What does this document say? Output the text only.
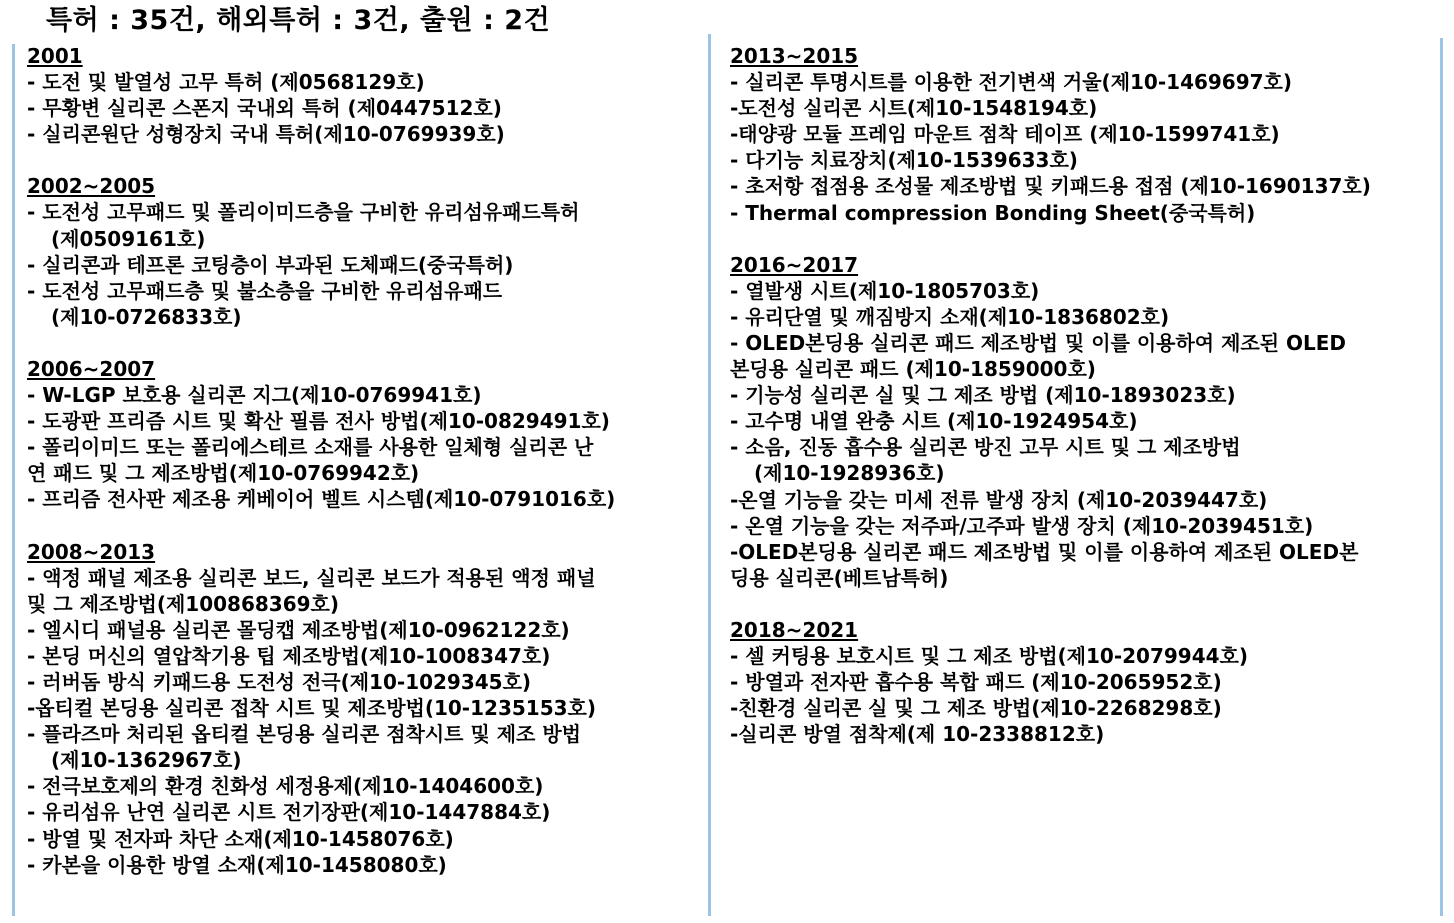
특허 : 35건, 해외특허 : 3건, 출원 : 2건
2001
- 도전 및 발열성 고무 특허 (제0568129호)
- 무황변 실리콘 스폰지 국내외 특허 (제0447512호)
- 실리콘원단 성형장치 국내 특허(제10-0769939호)
2002~2005
- 도전성 고무패드 및 폴리이미드층을 구비한 유리섬유패드특허
(제0509161호)
- 실리콘과 테프론 코팅층이 부과된 도체패드(중국특허)
- 도전성 고무패드층 및 불소층을 구비한 유리섬유패드
(제10-0726833호)
2006~2007
- W-LGP 보호용 실리콘 지그(제10-0769941호)
- 도광판 프리즘 시트 및 확산 필름 전사 방법(제10-0829491호)
- 폴리이미드 또는 폴리에스테르 소재를 사용한 일체형 실리콘 난
연 패드 및 그 제조방법(제10-0769942호)
- 프리즘 전사판 제조용 케베이어 벨트 시스템(제10-0791016호)
2008~2013
- 액정 패널 제조용 실리콘 보드, 실리콘 보드가 적용된 액정 패널
및 그 제조방법(제100868369호)
- 엘시디 패널용 실리콘 몰딩캡 제조방법(제10-0962122호)
- 본딩 머신의 열압착기용 팁 제조방법(제10-1008347호)
- 러버돔 방식 키패드용 도전성 전극(제10-1029345호)
-옵티컬 본딩용 실리콘 접착 시트 및 제조방법(10-1235153호)
- 플라즈마 처리된 옵티컬 본딩용 실리콘 점착시트 및 제조 방법
(제10-1362967호)
- 전극보호제의 환경 친화성 세정용제(제10-1404600호)
- 유리섬유 난연 실리콘 시트 전기장판(제10-1447884호)
- 방열 및 전자파 차단 소재(제10-1458076호)
- 카본을 이용한 방열 소재(제10-1458080호)
2013~2015
- 실리콘 투명시트를 이용한 전기변색 거울(제10-1469697호)
-도전성 실리콘 시트(제10-1548194호)
-태양광 모듈 프레임 마운트 점착 테이프 (제10-1599741호)
- 다기능 치료장치(제10-1539633호)
- 초저항 접점용 조성물 제조방법 및 키패드용 접점 (제10-1690137호)
- Thermal compression Bonding Sheet(중국특허)
2016~2017
- 열발생 시트(제10-1805703호)
- 유리단열 및 깨짐방지 소재(제10-1836802호)
- OLED본딩용 실리콘 패드 제조방법 및 이를 이용하여 제조된 OLED
본딩용 실리콘 패드 (제10-1859000호)
- 기능성 실리콘 실 및 그 제조 방법 (제10-1893023호)
- 고수명 내열 완충 시트 (제10-1924954호)
- 소음, 진동 흡수용 실리콘 방진 고무 시트 및 그 제조방법
(제10-1928936호)
-온열 기능을 갖는 미세 전류 발생 장치 (제10-2039447호)
- 온열 기능을 갖는 저주파/고주파 발생 장치 (제10-2039451호)
-OLED본딩용 실리콘 패드 제조방법 및 이를 이용하여 제조된 OLED본
딩용 실리콘(베트남특허)
2018~2021
- 셀 커팅용 보호시트 및 그 제조 방법(제10-2079944호)
- 방열과 전자판 흡수용 복합 패드 (제10-2065952호)
-친환경 실리콘 실 및 그 제조 방법(제10-2268298호)
-실리콘 방열 점착제(제 10-2338812호)
